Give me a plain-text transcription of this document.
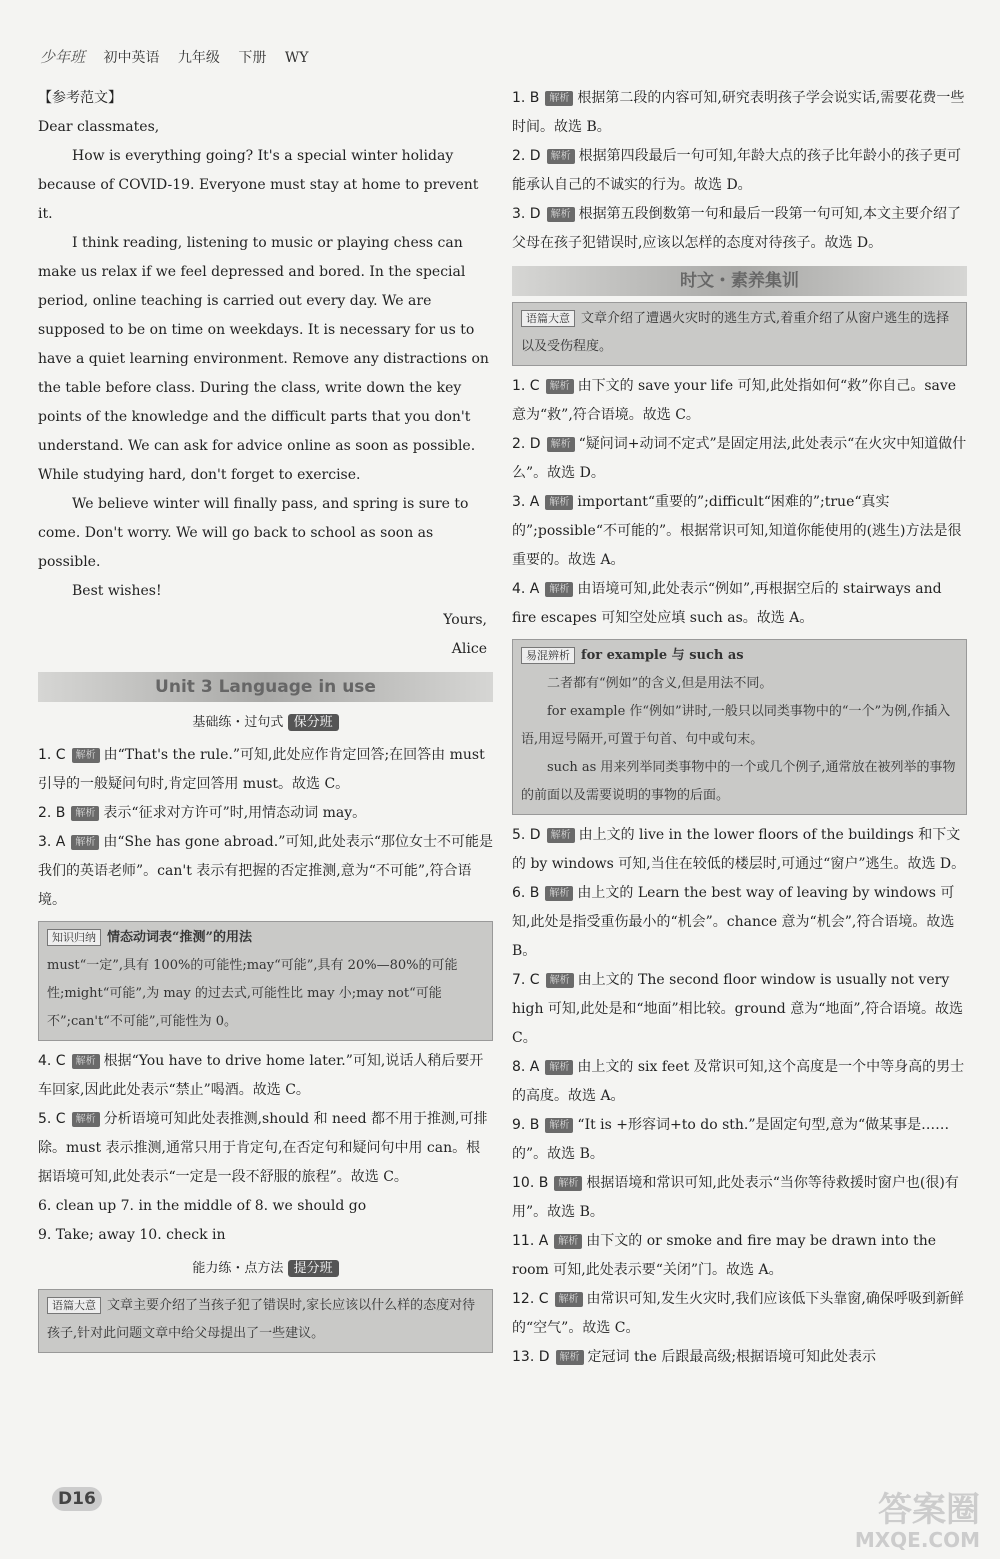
少年班 初中英语 九年级 下册 WY

【参考范文】

Dear classmates,

How is everything going? It's a special winter holiday because of COVID-19. Everyone must stay at home to prevent it.

I think reading, listening to music or playing chess can make us relax if we feel depressed and bored. In the special period, online teaching is carried out every day. We are supposed to be on time on weekdays. It is necessary for us to have a quiet learning environment. Remove any distractions on the table before class. During the class, write down the key points of the knowledge and the difficult parts that you don't understand. We can ask for advice online as soon as possible. While studying hard, don't forget to exercise.

We believe winter will finally pass, and spring is sure to come. Don't worry. We will go back to school as soon as possible.

Best wishes!

Yours,

Alice

Unit 3 Language in use
基础练・过句式 保分班

1. C 解析 由“That's the rule.”可知,此处应作肯定回答;在回答由 must 引导的一般疑问句时,肯定回答用 must。故选 C。

2. B 解析 表示“征求对方许可”时,用情态动词 may。

3. A 解析 由“She has gone abroad.”可知,此处表示“那位女士不可能是我们的英语老师”。can't 表示有把握的否定推测,意为“不可能”,符合语境。

知识归纳 情态动词表“推测”的用法
must“一定”,具有 100%的可能性;may“可能”,具有 20%—80%的可能性;might“可能”,为 may 的过去式,可能性比 may 小;may not“可能不”;can't“不可能”,可能性为 0。

4. C 解析 根据“You have to drive home later.”可知,说话人稍后要开车回家,因此此处表示“禁止”喝酒。故选 C。

5. C 解析 分析语境可知此处表推测,should 和 need 都不用于推测,可排除。must 表示推测,通常只用于肯定句,在否定句和疑问句中用 can。根据语境可知,此处表示“一定是一段不舒服的旅程”。故选 C。

6. clean up 7. in the middle of 8. we should go

9. Take; away 10. check in

能力练・点方法 提分班
语篇大意 文章主要介绍了当孩子犯了错误时,家长应该以什么样的态度对待孩子,针对此问题文章中给父母提出了一些建议。

1. B 解析 根据第二段的内容可知,研究表明孩子学会说实话,需要花费一些时间。故选 B。

2. D 解析 根据第四段最后一句可知,年龄大点的孩子比年龄小的孩子更可能承认自己的不诚实的行为。故选 D。

3. D 解析 根据第五段倒数第一句和最后一段第一句可知,本文主要介绍了父母在孩子犯错误时,应该以怎样的态度对待孩子。故选 D。

时文・素养集训
语篇大意 文章介绍了遭遇火灾时的逃生方式,着重介绍了从窗户逃生的选择以及受伤程度。

1. C 解析 由下文的 save your life 可知,此处指如何“救”你自己。save 意为“救”,符合语境。故选 C。

2. D 解析 “疑问词+动词不定式”是固定用法,此处表示“在火灾中知道做什么”。故选 D。

3. A 解析 important“重要的”;difficult“困难的”;true“真实的”;possible“不可能的”。根据常识可知,知道你能使用的(逃生)方法是很重要的。故选 A。

4. A 解析 由语境可知,此处表示“例如”,再根据空后的 stairways and fire escapes 可知空处应填 such as。故选 A。

易混辨析 for example 与 such as
二者都有“例如”的含义,但是用法不同。
for example 作“例如”讲时,一般只以同类事物中的“一个”为例,作插入语,用逗号隔开,可置于句首、句中或句末。
such as 用来列举同类事物中的一个或几个例子,通常放在被列举的事物的前面以及需要说明的事物的后面。

5. D 解析 由上文的 live in the lower floors of the buildings 和下文的 by windows 可知,当住在较低的楼层时,可通过“窗户”逃生。故选 D。

6. B 解析 由上文的 Learn the best way of leaving by windows 可知,此处是指受重伤最小的“机会”。chance 意为“机会”,符合语境。故选 B。

7. C 解析 由上文的 The second floor window is usually not very high 可知,此处是和“地面”相比较。ground 意为“地面”,符合语境。故选 C。

8. A 解析 由上文的 six feet 及常识可知,这个高度是一个中等身高的男士的高度。故选 A。

9. B 解析 “It is +形容词+to do sth.”是固定句型,意为“做某事是……的”。故选 B。

10. B 解析 根据语境和常识可知,此处表示“当你等待救援时窗户也(很)有用”。故选 B。

11. A 解析 由下文的 or smoke and fire may be drawn into the room 可知,此处表示要“关闭”门。故选 A。

12. C 解析 由常识可知,发生火灾时,我们应该低下头靠窗,确保呼吸到新鲜的“空气”。故选 C。

13. D 解析 定冠词 the 后跟最高级;根据语境可知此处表示

D16	答案圈
MXQE.COM
